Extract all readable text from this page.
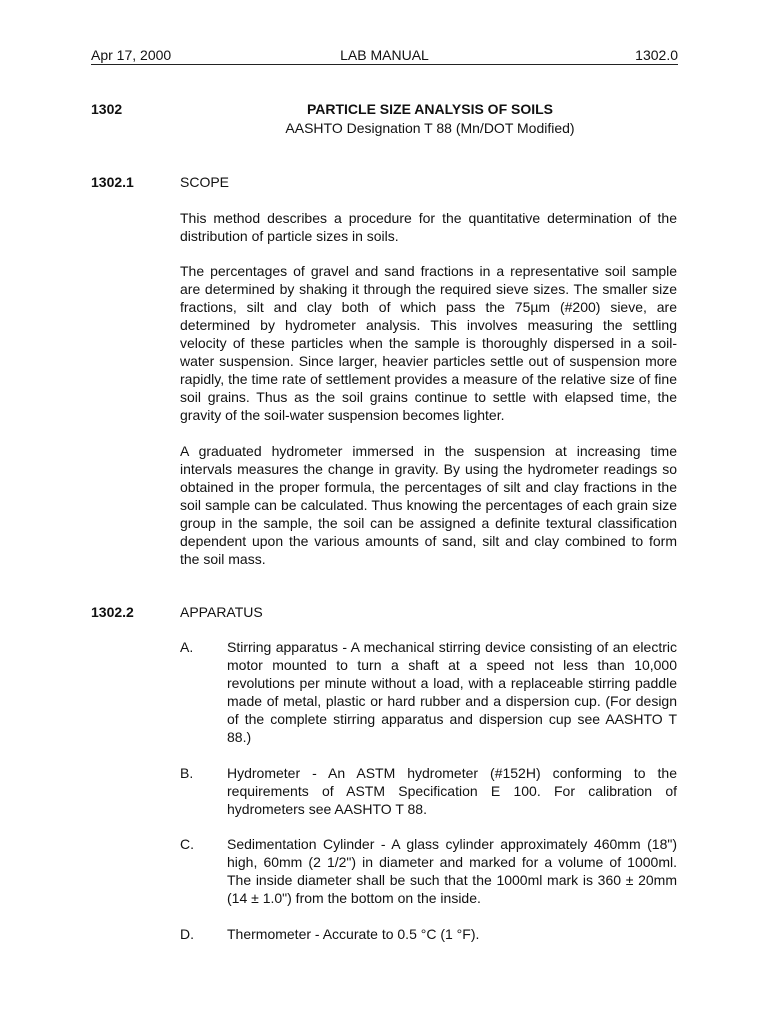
Apr 17, 2000	LAB MANUAL	1302.0
1302	PARTICLE SIZE ANALYSIS OF SOILS
AASHTO Designation T 88 (Mn/DOT Modified)
1302.1	SCOPE

This method describes a procedure for the quantitative determination of the distribution of particle sizes in soils.

The percentages of gravel and sand fractions in a representative soil sample are determined by shaking it through the required sieve sizes. The smaller size fractions, silt and clay both of which pass the 75µm (#200) sieve, are determined by hydrometer analysis. This involves measuring the settling velocity of these particles when the sample is thoroughly dispersed in a soil-water suspension. Since larger, heavier particles settle out of suspension more rapidly, the time rate of settlement provides a measure of the relative size of fine soil grains. Thus as the soil grains continue to settle with elapsed time, the gravity of the soil-water suspension becomes lighter.

A graduated hydrometer immersed in the suspension at increasing time intervals measures the change in gravity. By using the hydrometer readings so obtained in the proper formula, the percentages of silt and clay fractions in the soil sample can be calculated. Thus knowing the percentages of each grain size group in the sample, the soil can be assigned a definite textural classification dependent upon the various amounts of sand, silt and clay combined to form the soil mass.

1302.2	APPARATUS
A. Stirring apparatus - A mechanical stirring device consisting of an electric motor mounted to turn a shaft at a speed not less than 10,000 revolutions per minute without a load, with a replaceable stirring paddle made of metal, plastic or hard rubber and a dispersion cup. (For design of the complete stirring apparatus and dispersion cup see AASHTO T 88.)
B. Hydrometer - An ASTM hydrometer (#152H) conforming to the requirements of ASTM Specification E 100. For calibration of hydrometers see AASHTO T 88.
C. Sedimentation Cylinder - A glass cylinder approximately 460mm (18") high, 60mm (2 1/2") in diameter and marked for a volume of 1000ml. The inside diameter shall be such that the 1000ml mark is 360 ± 20mm (14 ± 1.0") from the bottom on the inside.
D. Thermometer - Accurate to 0.5 °C (1 °F).
